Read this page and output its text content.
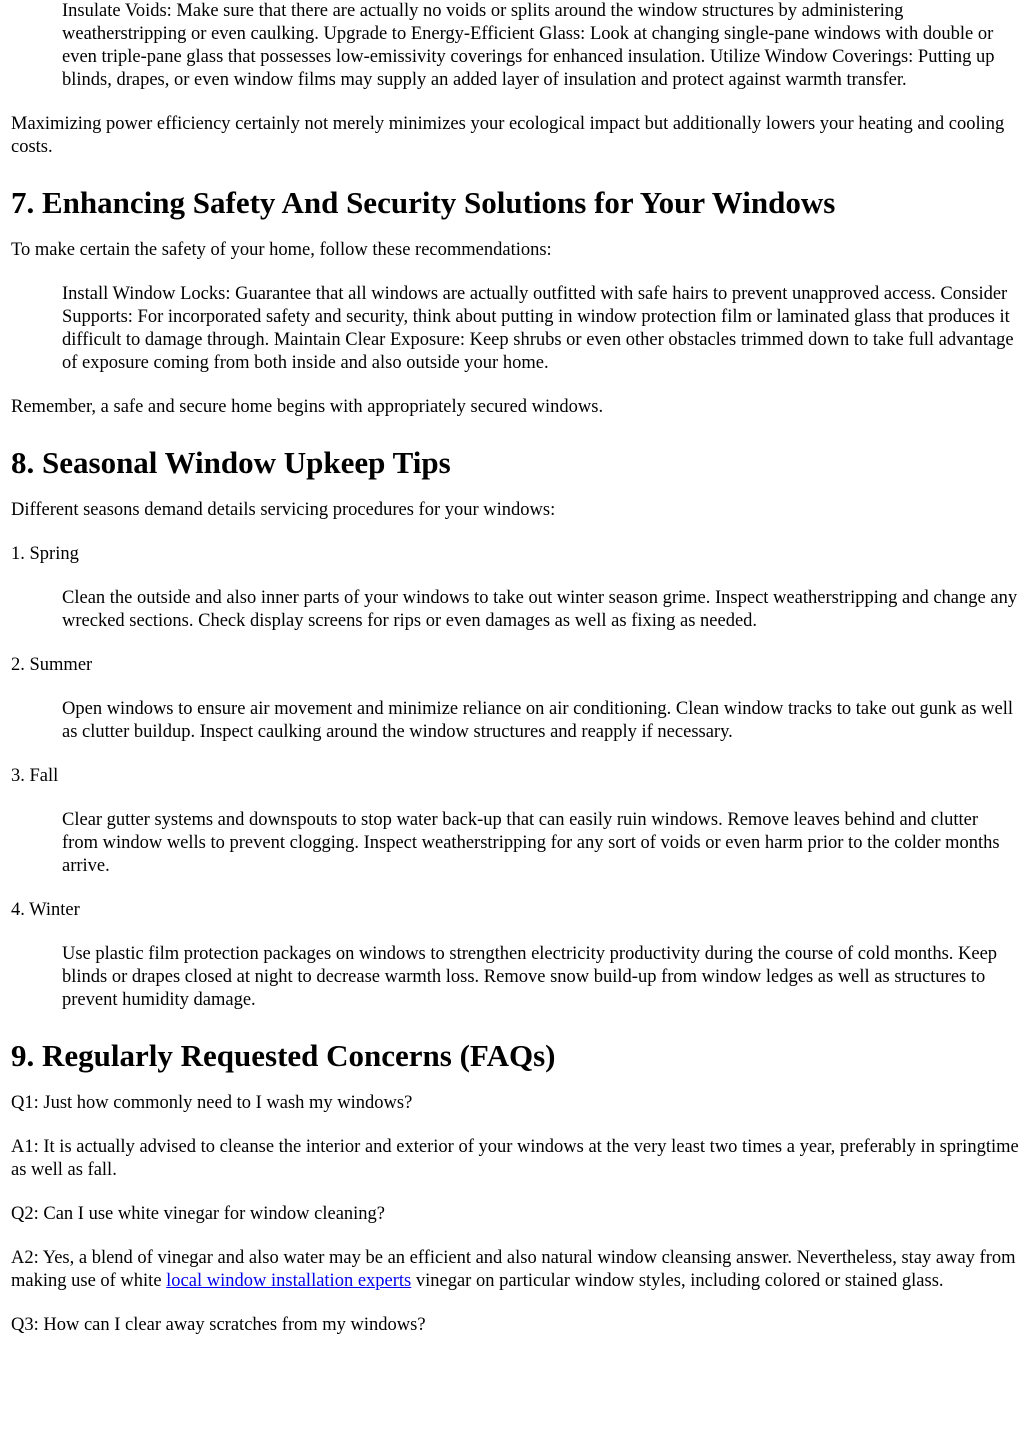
Insulate Voids: Make sure that there are actually no voids or splits around the window structures by administering weatherstripping or even caulking. Upgrade to Energy-Efficient Glass: Look at changing single-pane windows with double or even triple-pane glass that possesses low-emissivity coverings for enhanced insulation. Utilize Window Coverings: Putting up blinds, drapes, or even window films may supply an added layer of insulation and protect against warmth transfer.

Maximizing power efficiency certainly not merely minimizes your ecological impact but additionally lowers your heating and cooling costs.

7. Enhancing Safety And Security Solutions for Your Windows

To make certain the safety of your home, follow these recommendations:

Install Window Locks: Guarantee that all windows are actually outfitted with safe hairs to prevent unapproved access. Consider Supports: For incorporated safety and security, think about putting in window protection film or laminated glass that produces it difficult to damage through. Maintain Clear Exposure: Keep shrubs or even other obstacles trimmed down to take full advantage of exposure coming from both inside and also outside your home.

Remember, a safe and secure home begins with appropriately secured windows.

8. Seasonal Window Upkeep Tips

Different seasons demand details servicing procedures for your windows:

1. Spring

Clean the outside and also inner parts of your windows to take out winter season grime. Inspect weatherstripping and change any wrecked sections. Check display screens for rips or even damages as well as fixing as needed.

2. Summer

Open windows to ensure air movement and minimize reliance on air conditioning. Clean window tracks to take out gunk as well as clutter buildup. Inspect caulking around the window structures and reapply if necessary.

3. Fall

Clear gutter systems and downspouts to stop water back-up that can easily ruin windows. Remove leaves behind and clutter from window wells to prevent clogging. Inspect weatherstripping for any sort of voids or even harm prior to the colder months arrive.

4. Winter

Use plastic film protection packages on windows to strengthen electricity productivity during the course of cold months. Keep blinds or drapes closed at night to decrease warmth loss. Remove snow build-up from window ledges as well as structures to prevent humidity damage.

9. Regularly Requested Concerns (FAQs)

Q1: Just how commonly need to I wash my windows?

A1: It is actually advised to cleanse the interior and exterior of your windows at the very least two times a year, preferably in springtime as well as fall.

Q2: Can I use white vinegar for window cleaning?

A2: Yes, a blend of vinegar and also water may be an efficient and also natural window cleansing answer. Nevertheless, stay away from making use of white local window installation experts vinegar on particular window styles, including colored or stained glass.

Q3: How can I clear away scratches from my windows?
